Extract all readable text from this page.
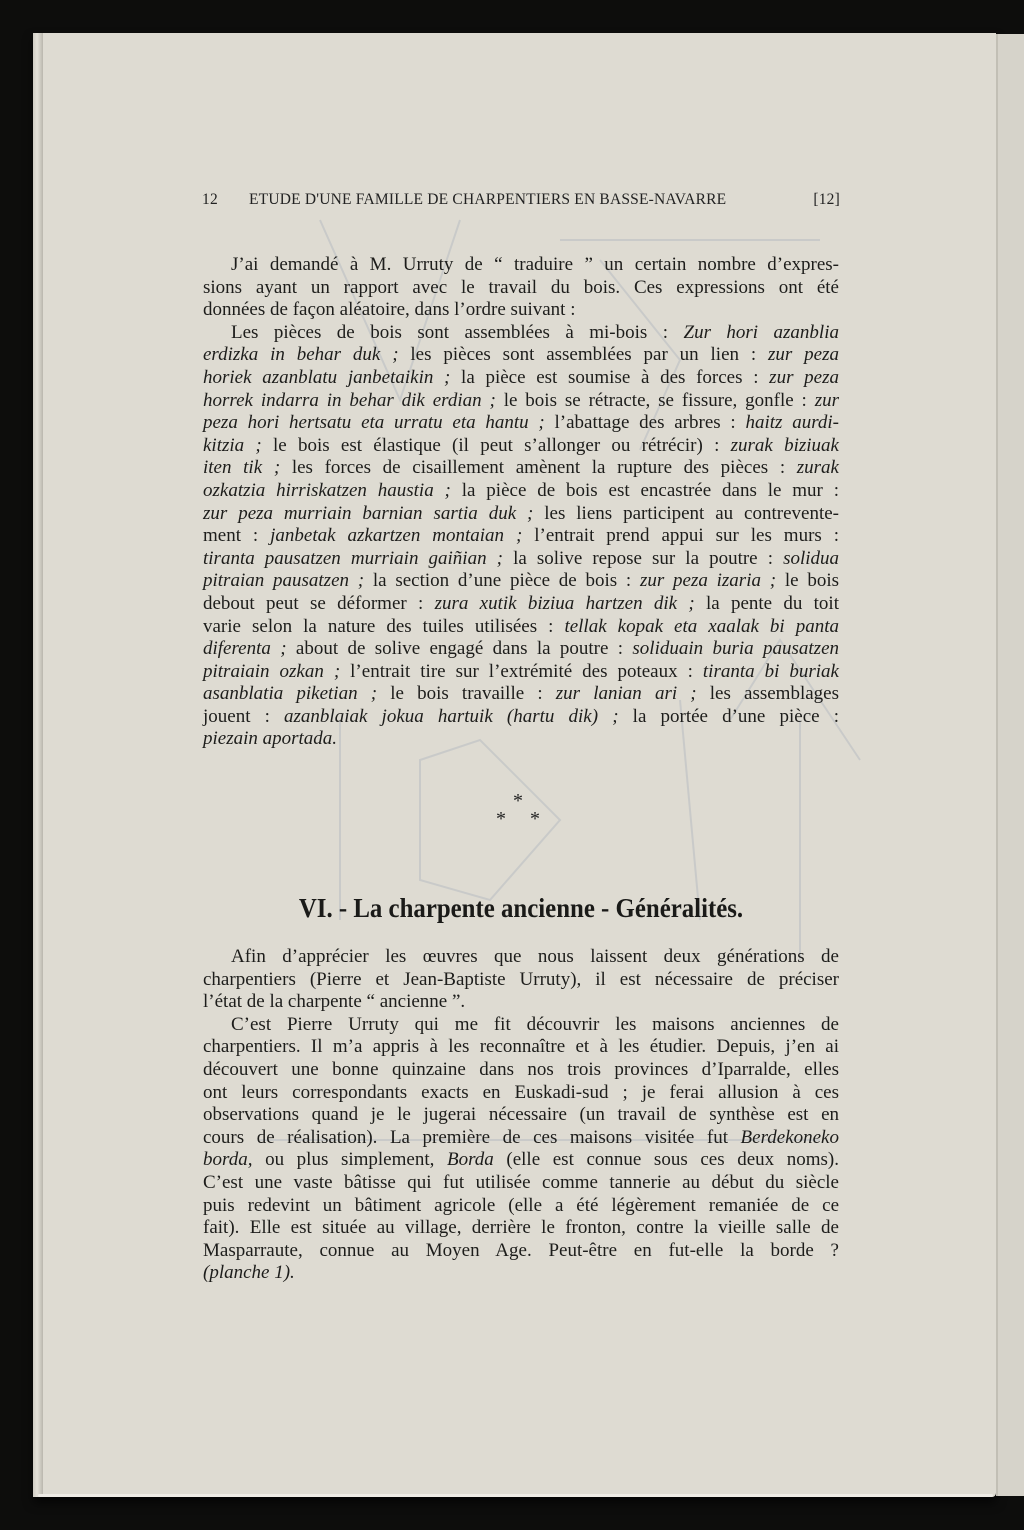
12 ETUDE D'UNE FAMILLE DE CHARPENTIERS EN BASSE-NAVARRE	[12]
J’ai demandé à M. Urruty de “ traduire ” un certain nombre d’expres-
sions ayant un rapport avec le travail du bois. Ces expressions ont été
données de façon aléatoire, dans l’ordre suivant :
Les pièces de bois sont assemblées à mi-bois : Zur hori azanblia
erdizka in behar duk ; les pièces sont assemblées par un lien : zur peza
horiek azanblatu janbetaikin ; la pièce est soumise à des forces : zur peza
horrek indarra in behar dik erdian ; le bois se rétracte, se fissure, gonfle : zur
peza hori hertsatu eta urratu eta hantu ; l’abattage des arbres : haitz aurdi-
kitzia ; le bois est élastique (il peut s’allonger ou rétrécir) : zurak biziuak
iten tik ; les forces de cisaillement amènent la rupture des pièces : zurak
ozkatzia hirriskatzen haustia ; la pièce de bois est encastrée dans le mur :
zur peza murriain barnian sartia duk ; les liens participent au contrevente-
ment : janbetak azkartzen montaian ; l’entrait prend appui sur les murs :
tiranta pausatzen murriain gaiñian ; la solive repose sur la poutre : solidua
pitraian pausatzen ; la section d’une pièce de bois : zur peza izaria ; le bois
debout peut se déformer : zura xutik biziua hartzen dik ; la pente du toit
varie selon la nature des tuiles utilisées : tellak kopak eta xaalak bi panta
diferenta ; about de solive engagé dans la poutre : soliduain buria pausatzen
pitraiain ozkan ; l’entrait tire sur l’extrémité des poteaux : tiranta bi buriak
asanblatia piketian ; le bois travaille : zur lanian ari ; les assemblages
jouent : azanblaiak jokua hartuik (hartu dik) ; la portée d’une pièce :
piezain aportada.
*
* *
VI. - La charpente ancienne - Généralités.
Afin d’apprécier les œuvres que nous laissent deux générations de
charpentiers (Pierre et Jean-Baptiste Urruty), il est nécessaire de préciser
l’état de la charpente “ ancienne ”.
C’est Pierre Urruty qui me fit découvrir les maisons anciennes de
charpentiers. Il m’a appris à les reconnaître et à les étudier. Depuis, j’en ai
découvert une bonne quinzaine dans nos trois provinces d’Iparralde, elles
ont leurs correspondants exacts en Euskadi-sud ; je ferai allusion à ces
observations quand je le jugerai nécessaire (un travail de synthèse est en
cours de réalisation). La première de ces maisons visitée fut Berdekoneko
borda, ou plus simplement, Borda (elle est connue sous ces deux noms).
C’est une vaste bâtisse qui fut utilisée comme tannerie au début du siècle
puis redevint un bâtiment agricole (elle a été légèrement remaniée de ce
fait). Elle est située au village, derrière le fronton, contre la vieille salle de
Masparraute, connue au Moyen Age. Peut-être en fut-elle la borde ?
(planche 1).
